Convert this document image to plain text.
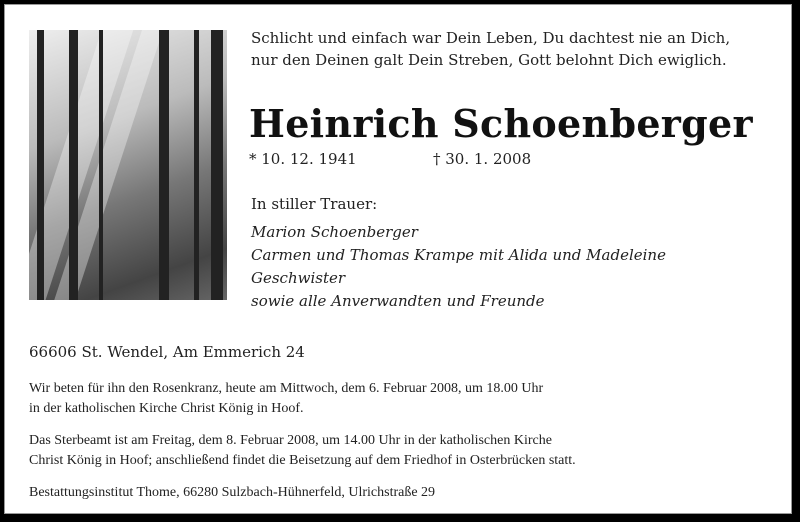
Schlicht und einfach war Dein Leben, Du dachtest nie an Dich,
nur den Deinen galt Dein Streben, Gott belohnt Dich ewiglich.
Heinrich Schoenberger
* 10. 12. 1941	† 30. 1. 2008
In stiller Trauer:
Marion Schoenberger
Carmen und Thomas Krampe mit Alida und Madeleine
Geschwister
sowie alle Anverwandten und Freunde
66606 St. Wendel, Am Emmerich 24
Wir beten für ihn den Rosenkranz, heute am Mittwoch, dem 6. Februar 2008, um 18.00 Uhr
in der katholischen Kirche Christ König in Hoof.
Das Sterbeamt ist am Freitag, dem 8. Februar 2008, um 14.00 Uhr in der katholischen Kirche
Christ König in Hoof; anschließend findet die Beisetzung auf dem Friedhof in Osterbrücken statt.
Bestattungsinstitut Thome, 66280 Sulzbach-Hühnerfeld, Ulrichstraße 29
